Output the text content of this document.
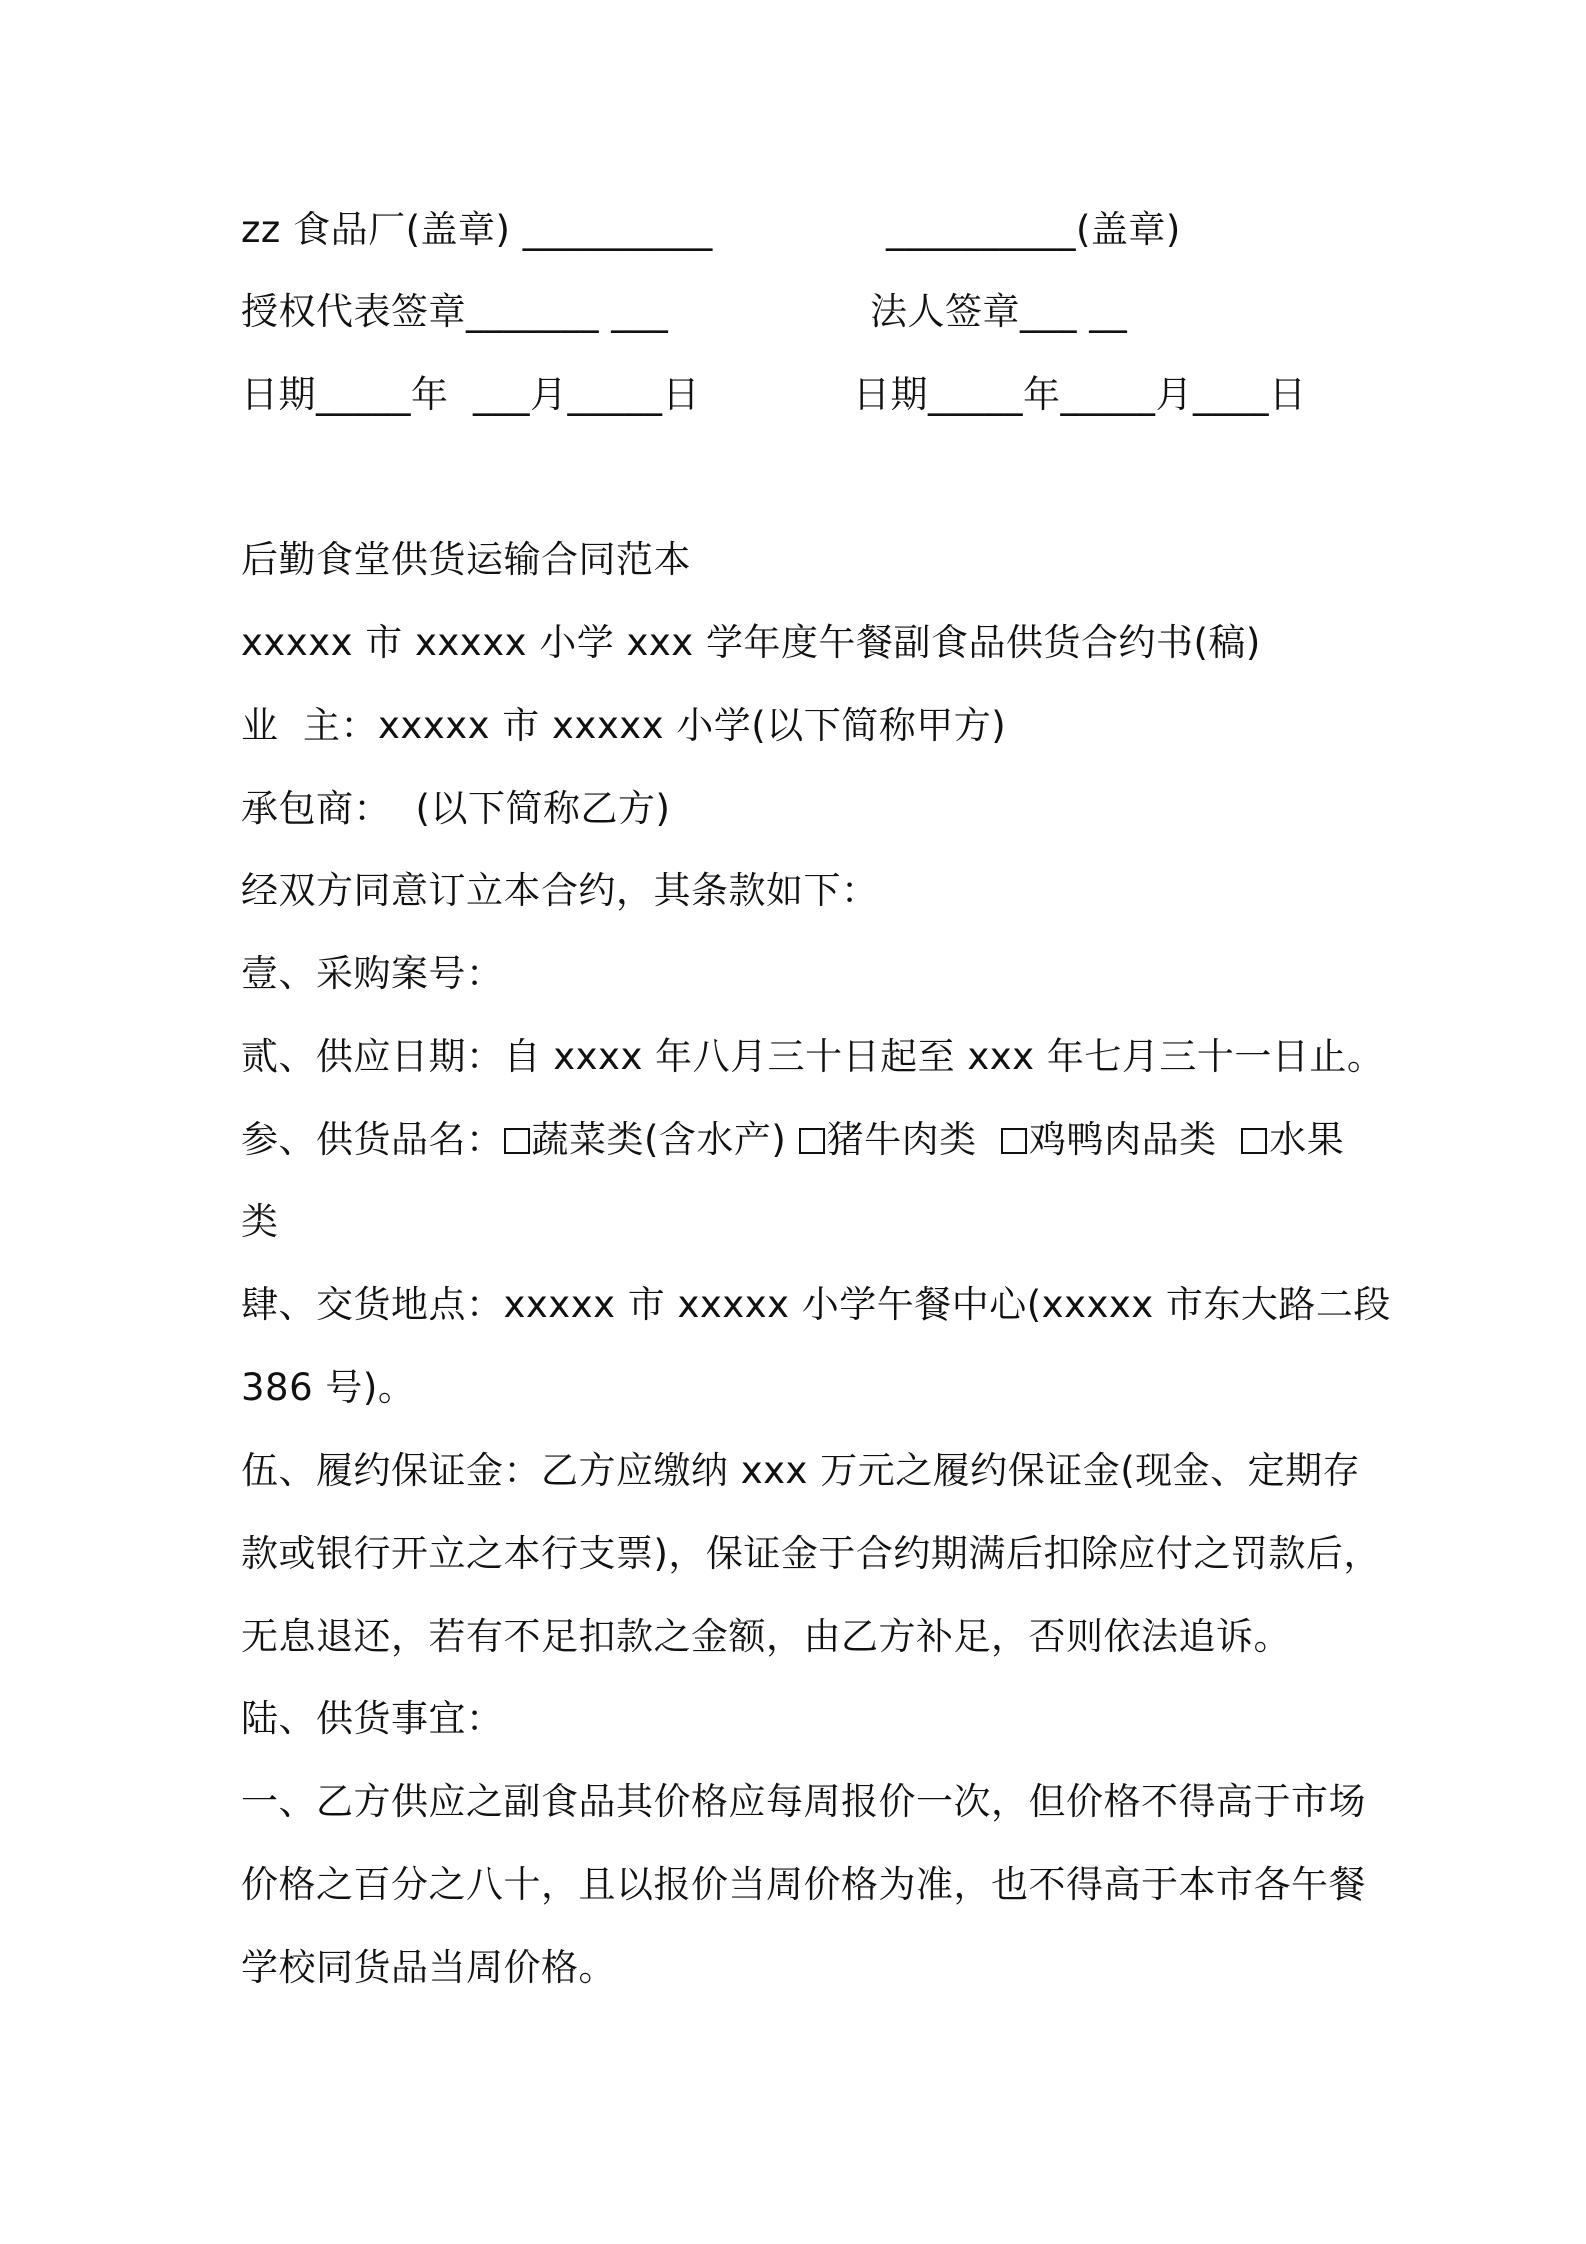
zz 食品厂(盖章) __________	__________(盖章)
授权代表签章_______ ___	法人签章___ __
日期_____年  ___月_____日	日期_____年_____月____日
后勤食堂供货运输合同范本
xxxxx 市 xxxxx 小学 xxx 学年度午餐副食品供货合约书(稿)
业  主：xxxxx 市 xxxxx 小学(以下简称甲方)
承包商：  (以下简称乙方)
经双方同意订立本合约，其条款如下：
壹、采购案号：
贰、供应日期：自 xxxx 年八月三十日起至 xxx 年七月三十一日止。
参、供货品名： 蔬菜类(含水产) 猪牛肉类 鸡鸭肉品类 水果
类
肆、交货地点：xxxxx 市 xxxxx 小学午餐中心(xxxxx 市东大路二段
386 号)。
伍、履约保证金：乙方应缴纳 xxx 万元之履约保证金(现金、定期存
款或银行开立之本行支票)，保证金于合约期满后扣除应付之罚款后，
无息退还，若有不足扣款之金额，由乙方补足，否则依法追诉。
陆、供货事宜：
一、乙方供应之副食品其价格应每周报价一次，但价格不得高于市场
价格之百分之八十，且以报价当周价格为准，也不得高于本市各午餐
学校同货品当周价格。
